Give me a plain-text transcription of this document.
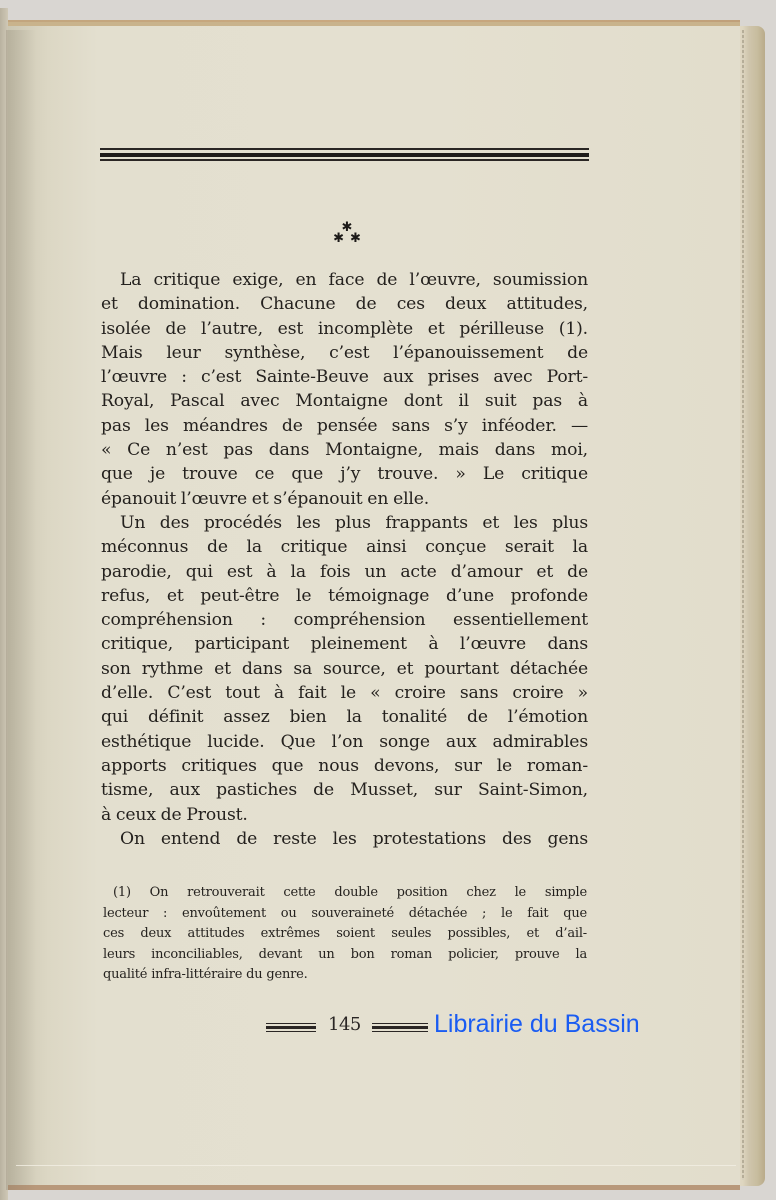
✱
✱✱
La critique exige, en face de l’œuvre, soumission
et domination. Chacune de ces deux attitudes,
isolée de l’autre, est incomplète et périlleuse (1).
Mais leur synthèse, c’est l’épanouissement de
l’œuvre : c’est Sainte-Beuve aux prises avec Port-
Royal, Pascal avec Montaigne dont il suit pas à
pas les méandres de pensée sans s’y inféoder. —
« Ce n’est pas dans Montaigne, mais dans moi,
que je trouve ce que j’y trouve. » Le critique
épanouit l’œuvre et s’épanouit en elle.
Un des procédés les plus frappants et les plus
méconnus de la critique ainsi conçue serait la
parodie, qui est à la fois un acte d’amour et de
refus, et peut-être le témoignage d’une profonde
compréhension : compréhension essentiellement
critique, participant pleinement à l’œuvre dans
son rythme et dans sa source, et pourtant détachée
d’elle. C’est tout à fait le « croire sans croire »
qui définit assez bien la tonalité de l’émotion
esthétique lucide. Que l’on songe aux admirables
apports critiques que nous devons, sur le roman-
tisme, aux pastiches de Musset, sur Saint-Simon,
à ceux de Proust.
On entend de reste les protestations des gens
(1) On retrouverait cette double position chez le simple
lecteur : envoûtement ou souveraineté détachée ; le fait que
ces deux attitudes extrêmes soient seules possibles, et d’ail-
leurs inconciliables, devant un bon roman policier, prouve la
qualité infra-littéraire du genre.
145	Librairie du Bassin
